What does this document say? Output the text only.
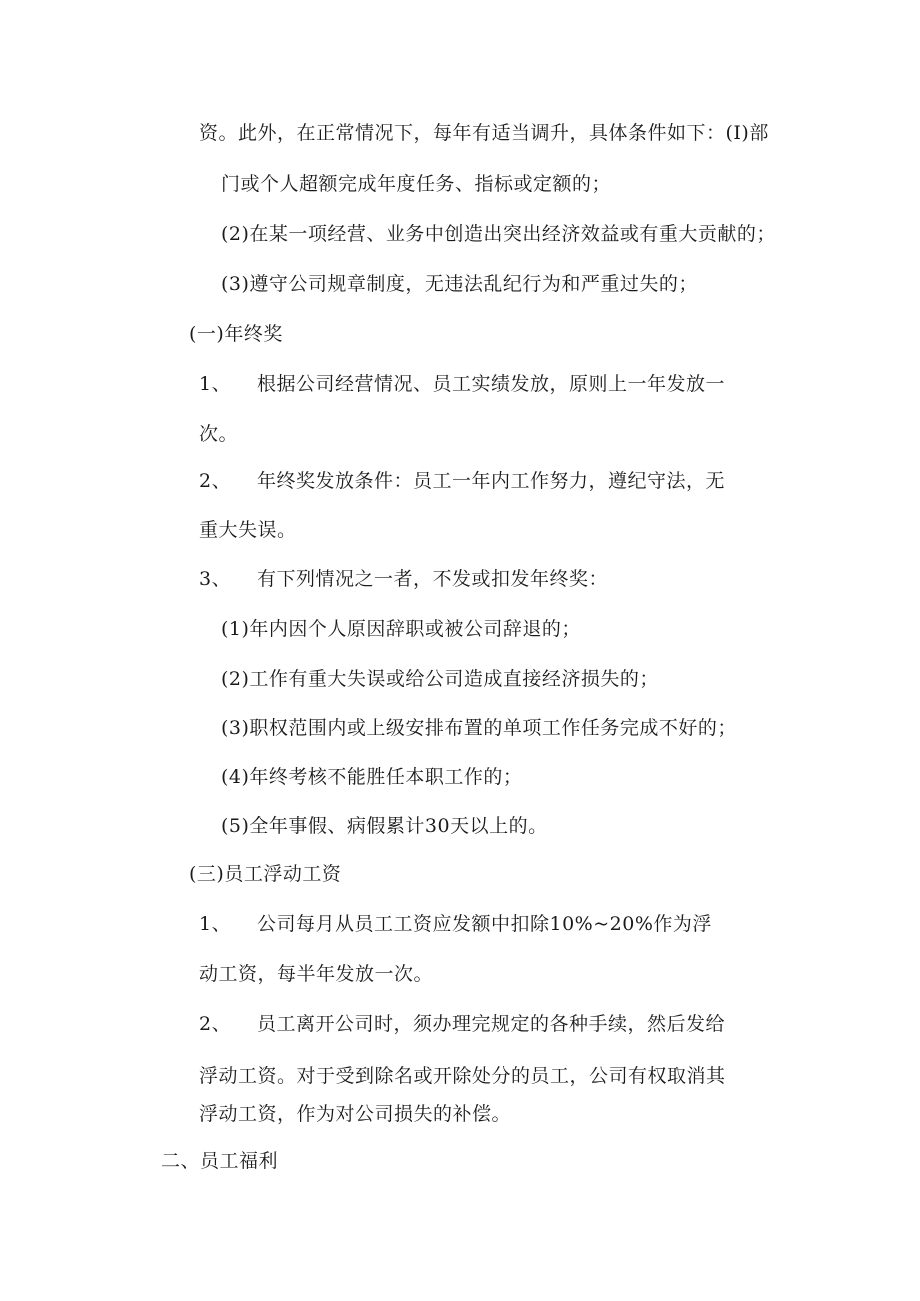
资。此外，在正常情况下，每年有适当调升，具体条件如下：(I)部
门或个人超额完成年度任务、指标或定额的；
(2)在某一项经营、业务中创造出突出经济效益或有重大贡献的；
(3)遵守公司规章制度，无违法乱纪行为和严重过失的；
(一)年终奖
1、 根据公司经营情况、员工实绩发放，原则上一年发放一
次。
2、 年终奖发放条件：员工一年内工作努力，遵纪守法，无
重大失误。
3、 有下列情况之一者，不发或扣发年终奖：
(1)年内因个人原因辞职或被公司辞退的；
(2)工作有重大失误或给公司造成直接经济损失的；
(3)职权范围内或上级安排布置的单项工作任务完成不好的；
(4)年终考核不能胜任本职工作的；
(5)全年事假、病假累计30天以上的。
(三)员工浮动工资
1、 公司每月从员工工资应发额中扣除10%~20%作为浮
动工资，每半年发放一次。
2、 员工离开公司时，须办理完规定的各种手续，然后发给
浮动工资。对于受到除名或开除处分的员工，公司有权取消其
浮动工资，作为对公司损失的补偿。
二、员工福利
